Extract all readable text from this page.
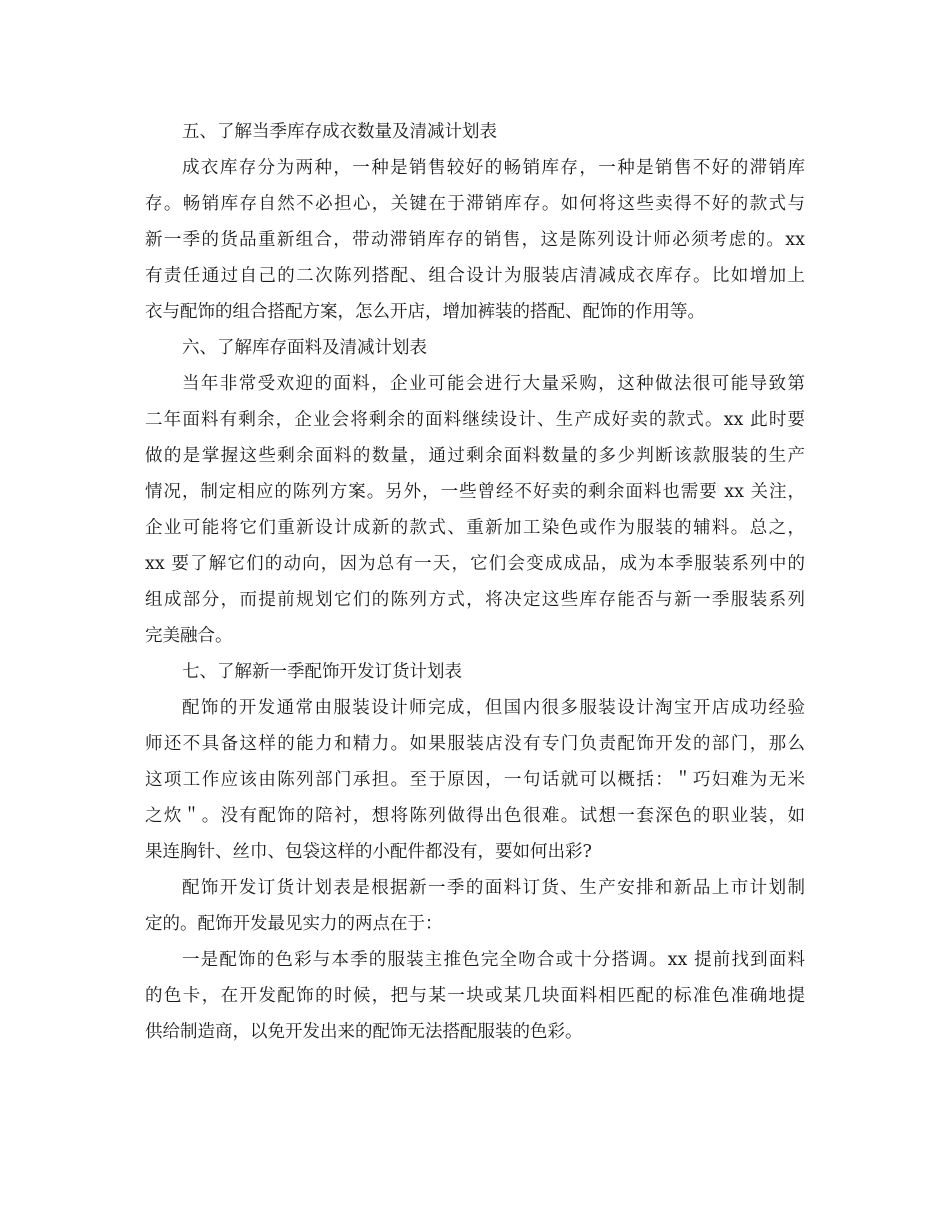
五、了解当季库存成衣数量及清减计划表
成衣库存分为两种，一种是销售较好的畅销库存，一种是销售不好的滞销库
存。畅销库存自然不必担心，关键在于滞销库存。如何将这些卖得不好的款式与
新一季的货品重新组合，带动滞销库存的销售，这是陈列设计师必须考虑的。xx
有责任通过自己的二次陈列搭配、组合设计为服装店清减成衣库存。比如增加上
衣与配饰的组合搭配方案，怎么开店，增加裤装的搭配、配饰的作用等。
六、了解库存面料及清减计划表
当年非常受欢迎的面料，企业可能会进行大量采购，这种做法很可能导致第
二年面料有剩余，企业会将剩余的面料继续设计、生产成好卖的款式。xx 此时要
做的是掌握这些剩余面料的数量，通过剩余面料数量的多少判断该款服装的生产
情况，制定相应的陈列方案。另外，一些曾经不好卖的剩余面料也需要 xx 关注，
企业可能将它们重新设计成新的款式、重新加工染色或作为服装的辅料。总之，
xx 要了解它们的动向，因为总有一天，它们会变成成品，成为本季服装系列中的
组成部分，而提前规划它们的陈列方式，将决定这些库存能否与新一季服装系列
完美融合。
七、了解新一季配饰开发订货计划表
配饰的开发通常由服装设计师完成，但国内很多服装设计淘宝开店成功经验
师还不具备这样的能力和精力。如果服装店没有专门负责配饰开发的部门，那么
这项工作应该由陈列部门承担。至于原因，一句话就可以概括：＂巧妇难为无米
之炊＂。没有配饰的陪衬，想将陈列做得出色很难。试想一套深色的职业装，如
果连胸针、丝巾、包袋这样的小配件都没有，要如何出彩?
配饰开发订货计划表是根据新一季的面料订货、生产安排和新品上市计划制
定的。配饰开发最见实力的两点在于：
一是配饰的色彩与本季的服装主推色完全吻合或十分搭调。xx 提前找到面料
的色卡，在开发配饰的时候，把与某一块或某几块面料相匹配的标准色准确地提
供给制造商，以免开发出来的配饰无法搭配服装的色彩。
